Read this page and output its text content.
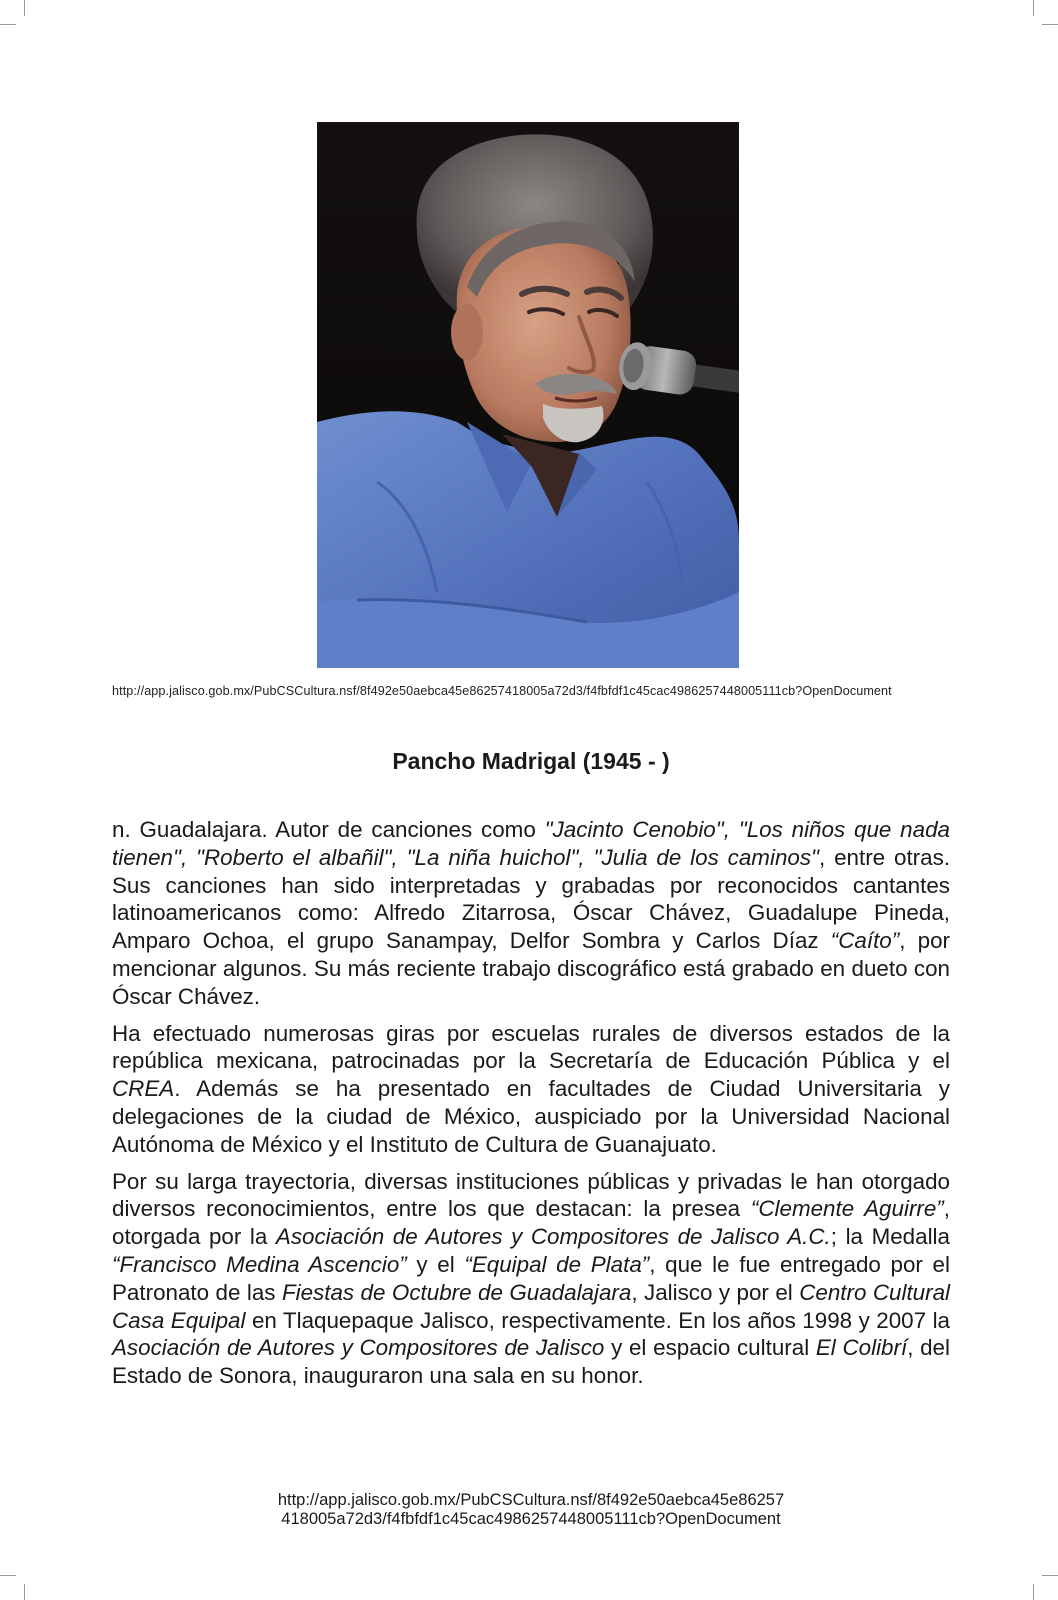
http://app.jalisco.gob.mx/PubCSCultura.nsf/8f492e50aebca45e86257418005a72d3/f4fbfdf1c45cac4986257448005111cb?OpenDocument
Pancho Madrigal (1945 - )

n. Guadalajara. Autor de canciones como "Jacinto Cenobio", "Los niños que nada tienen", "Roberto el albañil", "La niña huichol", "Julia de los caminos", entre otras. Sus canciones han sido interpretadas y grabadas por reconocidos cantantes latinoamericanos como: Alfredo Zitarrosa, Óscar Chávez, Guadalupe Pineda, Amparo Ochoa, el grupo Sanampay, Delfor Sombra y Carlos Díaz “Caíto”, por mencionar algunos. Su más reciente trabajo discográfico está grabado en dueto con Óscar Chávez.

Ha efectuado numerosas giras por escuelas rurales de diversos estados de la república mexicana, patrocinadas por la Secretaría de Educación Pública y el CREA. Además se ha presentado en facultades de Ciudad Universitaria y delegaciones de la ciudad de México, auspiciado por la Universidad Nacional Autónoma de México y el Instituto de Cultura de Guanajuato.

Por su larga trayectoria, diversas instituciones públicas y privadas le han otorgado diversos reconocimientos, entre los que destacan: la presea “Clemente Aguirre”, otorgada por la Asociación de Autores y Compositores de Jalisco A.C.; la Medalla “Francisco Medina Ascencio” y el “Equipal de Plata”, que le fue entregado por el Patronato de las Fiestas de Octubre de Guadalajara, Jalisco y por el Centro Cultural Casa Equipal en Tlaquepaque Jalisco, respectivamente. En los años 1998 y 2007 la Asociación de Autores y Compositores de Jalisco y el espacio cultural El Colibrí, del Estado de Sonora, inauguraron una sala en su honor.

http://app.jalisco.gob.mx/PubCSCultura.nsf/8f492e50aebca45e86257
418005a72d3/f4fbfdf1c45cac4986257448005111cb?OpenDocument
